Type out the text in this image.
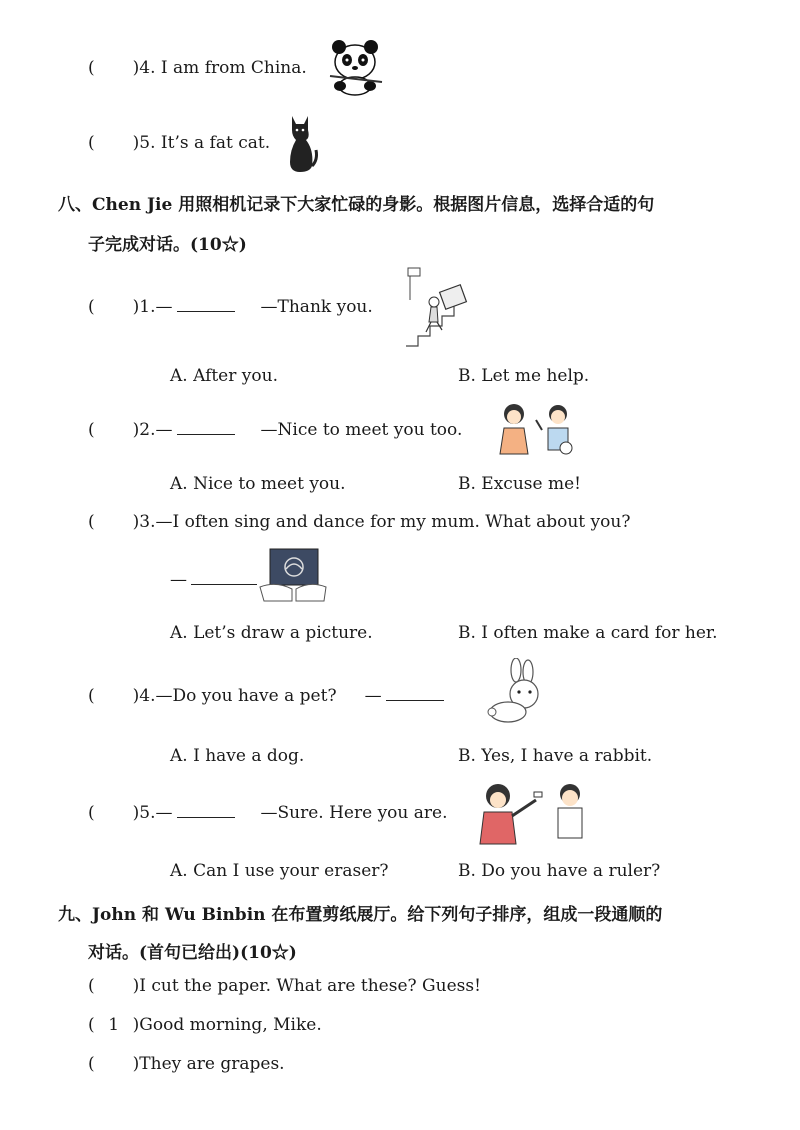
( )4. I am from China.
( )5. It’s a fat cat.
八、Chen Jie 用照相机记录下大家忙碌的身影。根据图片信息，选择合适的句
子完成对话。(10☆)
( )1.—	—Thank you.
A. After you.	B. Let me help.
( )2.—	—Nice to meet you too.
A. Nice to meet you.	B. Excuse me!
( )3.—I often sing and dance for my mum. What about you?
—
A. Let’s draw a picture.	B. I often make a card for her.
( )4.—Do you have a pet? —
A. I have a dog.	B. Yes, I have a rabbit.
( )5.—	—Sure. Here you are.
A. Can I use your eraser?	B. Do you have a ruler?
九、John 和 Wu Binbin 在布置剪纸展厅。给下列句子排序，组成一段通顺的
对话。(首句已给出)(10☆)
( )I cut the paper. What are these? Guess!
( 1 )Good morning, Mike.
( )They are grapes.
